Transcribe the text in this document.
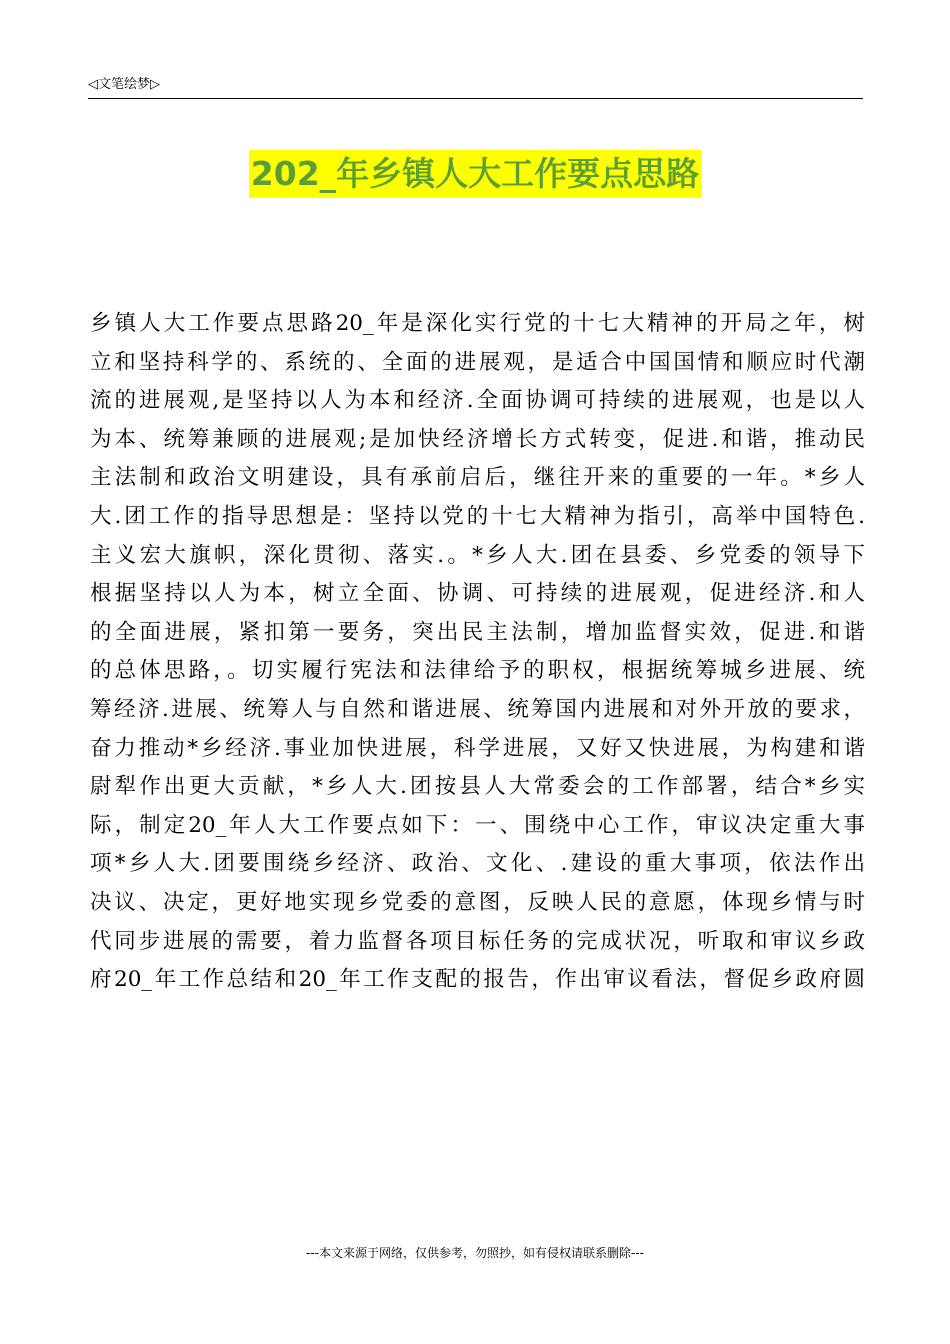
◁文笔绘梦▷
202_年乡镇人大工作要点思路
乡镇人大工作要点思路20_年是深化实行党的十七大精神的开局之年，树
立和坚持科学的、系统的、全面的进展观，是适合中国国情和顺应时代潮
流的进展观,是坚持以人为本和经济.全面协调可持续的进展观，也是以人
为本、统筹兼顾的进展观;是加快经济增长方式转变，促进.和谐，推动民
主法制和政治文明建设，具有承前启后，继往开来的重要的一年。*乡人
大.团工作的指导思想是：坚持以党的十七大精神为指引，高举中国特色.
主义宏大旗帜，深化贯彻、落实.。*乡人大.团在县委、乡党委的领导下
根据坚持以人为本，树立全面、协调、可持续的进展观，促进经济.和人
的全面进展，紧扣第一要务，突出民主法制，增加监督实效，促进.和谐
的总体思路，。切实履行宪法和法律给予的职权，根据统筹城乡进展、统
筹经济.进展、统筹人与自然和谐进展、统筹国内进展和对外开放的要求，
奋力推动*乡经济.事业加快进展，科学进展，又好又快进展，为构建和谐
尉犁作出更大贡献，*乡人大.团按县人大常委会的工作部署，结合*乡实
际，制定20_年人大工作要点如下：一、围绕中心工作，审议决定重大事
项*乡人大.团要围绕乡经济、政治、文化、.建设的重大事项，依法作出
决议、决定，更好地实现乡党委的意图，反映人民的意愿，体现乡情与时
代同步进展的需要，着力监督各项目标任务的完成状况，听取和审议乡政
府20_年工作总结和20_年工作支配的报告，作出审议看法，督促乡政府圆
---本文来源于网络，仅供参考，勿照抄，如有侵权请联系删除---
